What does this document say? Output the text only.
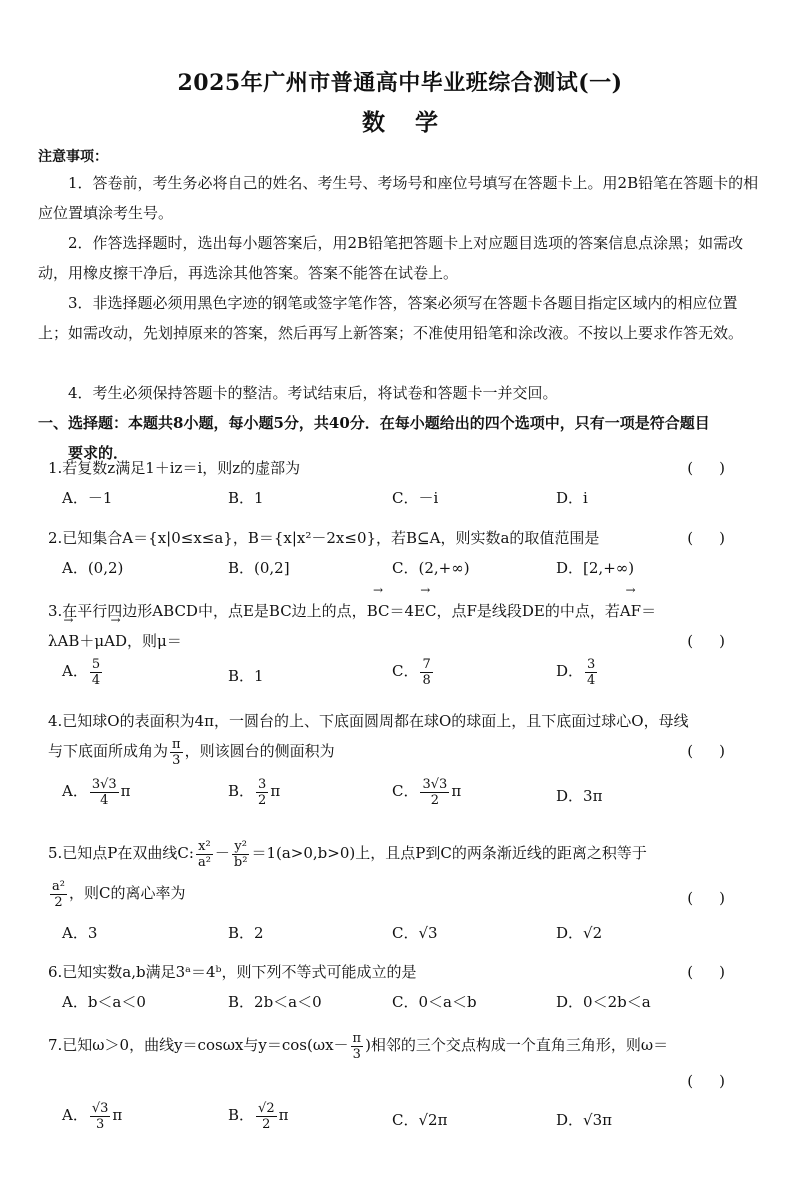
2025年广州市普通高中毕业班综合测试(一)
数学
注意事项：
1．答卷前，考生务必将自己的姓名、考生号、考场号和座位号填写在答题卡上。用2B铅笔在答题卡的相应位置填涂考生号。
2．作答选择题时，选出每小题答案后，用2B铅笔把答题卡上对应题目选项的答案信息点涂黑；如需改动，用橡皮擦干净后，再选涂其他答案。答案不能答在试卷上。
3．非选择题必须用黑色字迹的钢笔或签字笔作答，答案必须写在答题卡各题目指定区域内的相应位置上；如需改动，先划掉原来的答案，然后再写上新答案；不准使用铅笔和涂改液。不按以上要求作答无效。
4．考生必须保持答题卡的整洁。考试结束后，将试卷和答题卡一并交回。
一、选择题：本题共8小题，每小题5分，共40分．在每小题给出的四个选项中，只有一项是符合题目
要求的．
1.若复数z满足1＋iz＝i，则z的虚部为	()
A．－1	B．1	C．－i	D．i
2.已知集合A＝{x|0≤x≤a}，B＝{x|x²－2x≤0}，若B⊆A，则实数a的取值范围是	()
A．(0,2)	B．(0,2]	C．(2,+∞)	D．[2,+∞)
3.在平行四边形ABCD中，点E是BC边上的点，→ BC＝4→ EC，点F是线段DE的中点，若→ AF＝
λ→ AB＋μ→ AD，则μ＝	()
A． $\frac{5}{4}$	B．1	C． $\frac{7}{8}$	D． $\frac{3}{4}$
4.已知球O的表面积为4π，一圆台的上、下底面圆周都在球O的球面上，且下底面过球心O，母线
与下底面所成角为 $\frac{\pi}{3}$ ，则该圆台的侧面积为	()
A． $\frac{3√3}{4}$ π	B． $\frac{3}{2}$ π	C． $\frac{3√3}{2}$ π	D．3π
5.已知点P在双曲线C: $\frac{\text{x²}}{\text{a²}} - \frac{\text{y²}}{\text{b²}} =1(a>0,b>0)$上，且点P到C的两条渐近线的距离之积等于
$\frac{\text{a²}}{2}$ ，则C的离心率为	()
A．3	B．2	C．√3	D．√2
6.已知实数a,b满足3ᵃ＝4ᵇ，则下列不等式可能成立的是	()
A．b＜a＜0	B．2b＜a＜0	C．0＜a＜b	D．0＜2b＜a
7.已知ω＞0，曲线y＝cosωx与$y=\cos(\omega x- \frac{\pi}{3}$ )相邻的三个交点构成一个直角三角形，则ω＝
()
A． $\frac{√3}{3}$ π	B． $\frac{√2}{2}$ π	C．√2π	D．√3π
